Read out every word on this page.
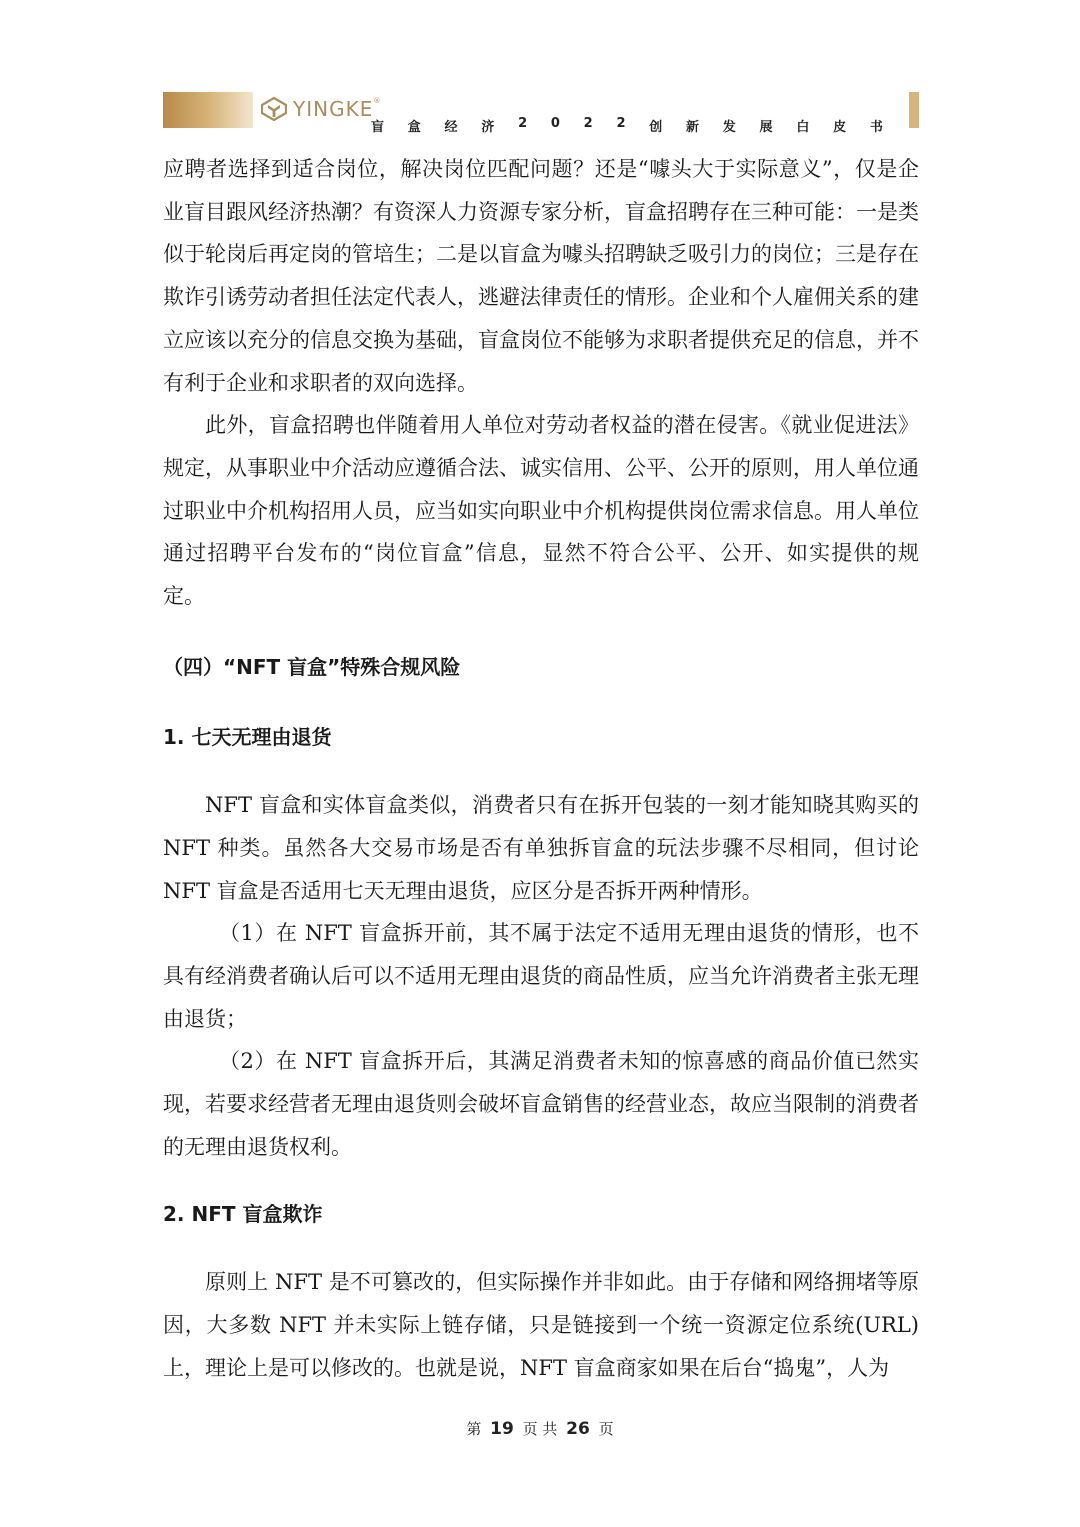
YINGKE®
盲 盒 经 济 2 0 2 2 创 新 发 展 白 皮 书

应聘者选择到适合岗位，解决岗位匹配问题？还是“噱头大于实际意义”，仅是企业盲目跟风经济热潮？有资深人力资源专家分析，盲盒招聘存在三种可能：一是类似于轮岗后再定岗的管培生；二是以盲盒为噱头招聘缺乏吸引力的岗位；三是存在欺诈引诱劳动者担任法定代表人，逃避法律责任的情形。企业和个人雇佣关系的建立应该以充分的信息交换为基础，盲盒岗位不能够为求职者提供充足的信息，并不有利于企业和求职者的双向选择。

此外，盲盒招聘也伴随着用人单位对劳动者权益的潜在侵害。《就业促进法》规定，从事职业中介活动应遵循合法、诚实信用、公平、公开的原则，用人单位通过职业中介机构招用人员，应当如实向职业中介机构提供岗位需求信息。用人单位通过招聘平台发布的“岗位盲盒”信息，显然不符合公平、公开、如实提供的规定。

（四）“NFT 盲盒”特殊合规风险

1. 七天无理由退货

NFT 盲盒和实体盲盒类似，消费者只有在拆开包装的一刻才能知晓其购买的 NFT 种类。虽然各大交易市场是否有单独拆盲盒的玩法步骤不尽相同，但讨论 NFT 盲盒是否适用七天无理由退货，应区分是否拆开两种情形。

（1）在 NFT 盲盒拆开前，其不属于法定不适用无理由退货的情形，也不具有经消费者确认后可以不适用无理由退货的商品性质，应当允许消费者主张无理由退货；

（2）在 NFT 盲盒拆开后，其满足消费者未知的惊喜感的商品价值已然实现，若要求经营者无理由退货则会破坏盲盒销售的经营业态，故应当限制的消费者的无理由退货权利。

2. NFT 盲盒欺诈

原则上 NFT 是不可篡改的，但实际操作并非如此。由于存储和网络拥堵等原因，大多数 NFT 并未实际上链存储，只是链接到一个统一资源定位系统(URL)上，理论上是可以修改的。也就是说，NFT 盲盒商家如果在后台“捣鬼”，人为

第 19 页 共 26 页
